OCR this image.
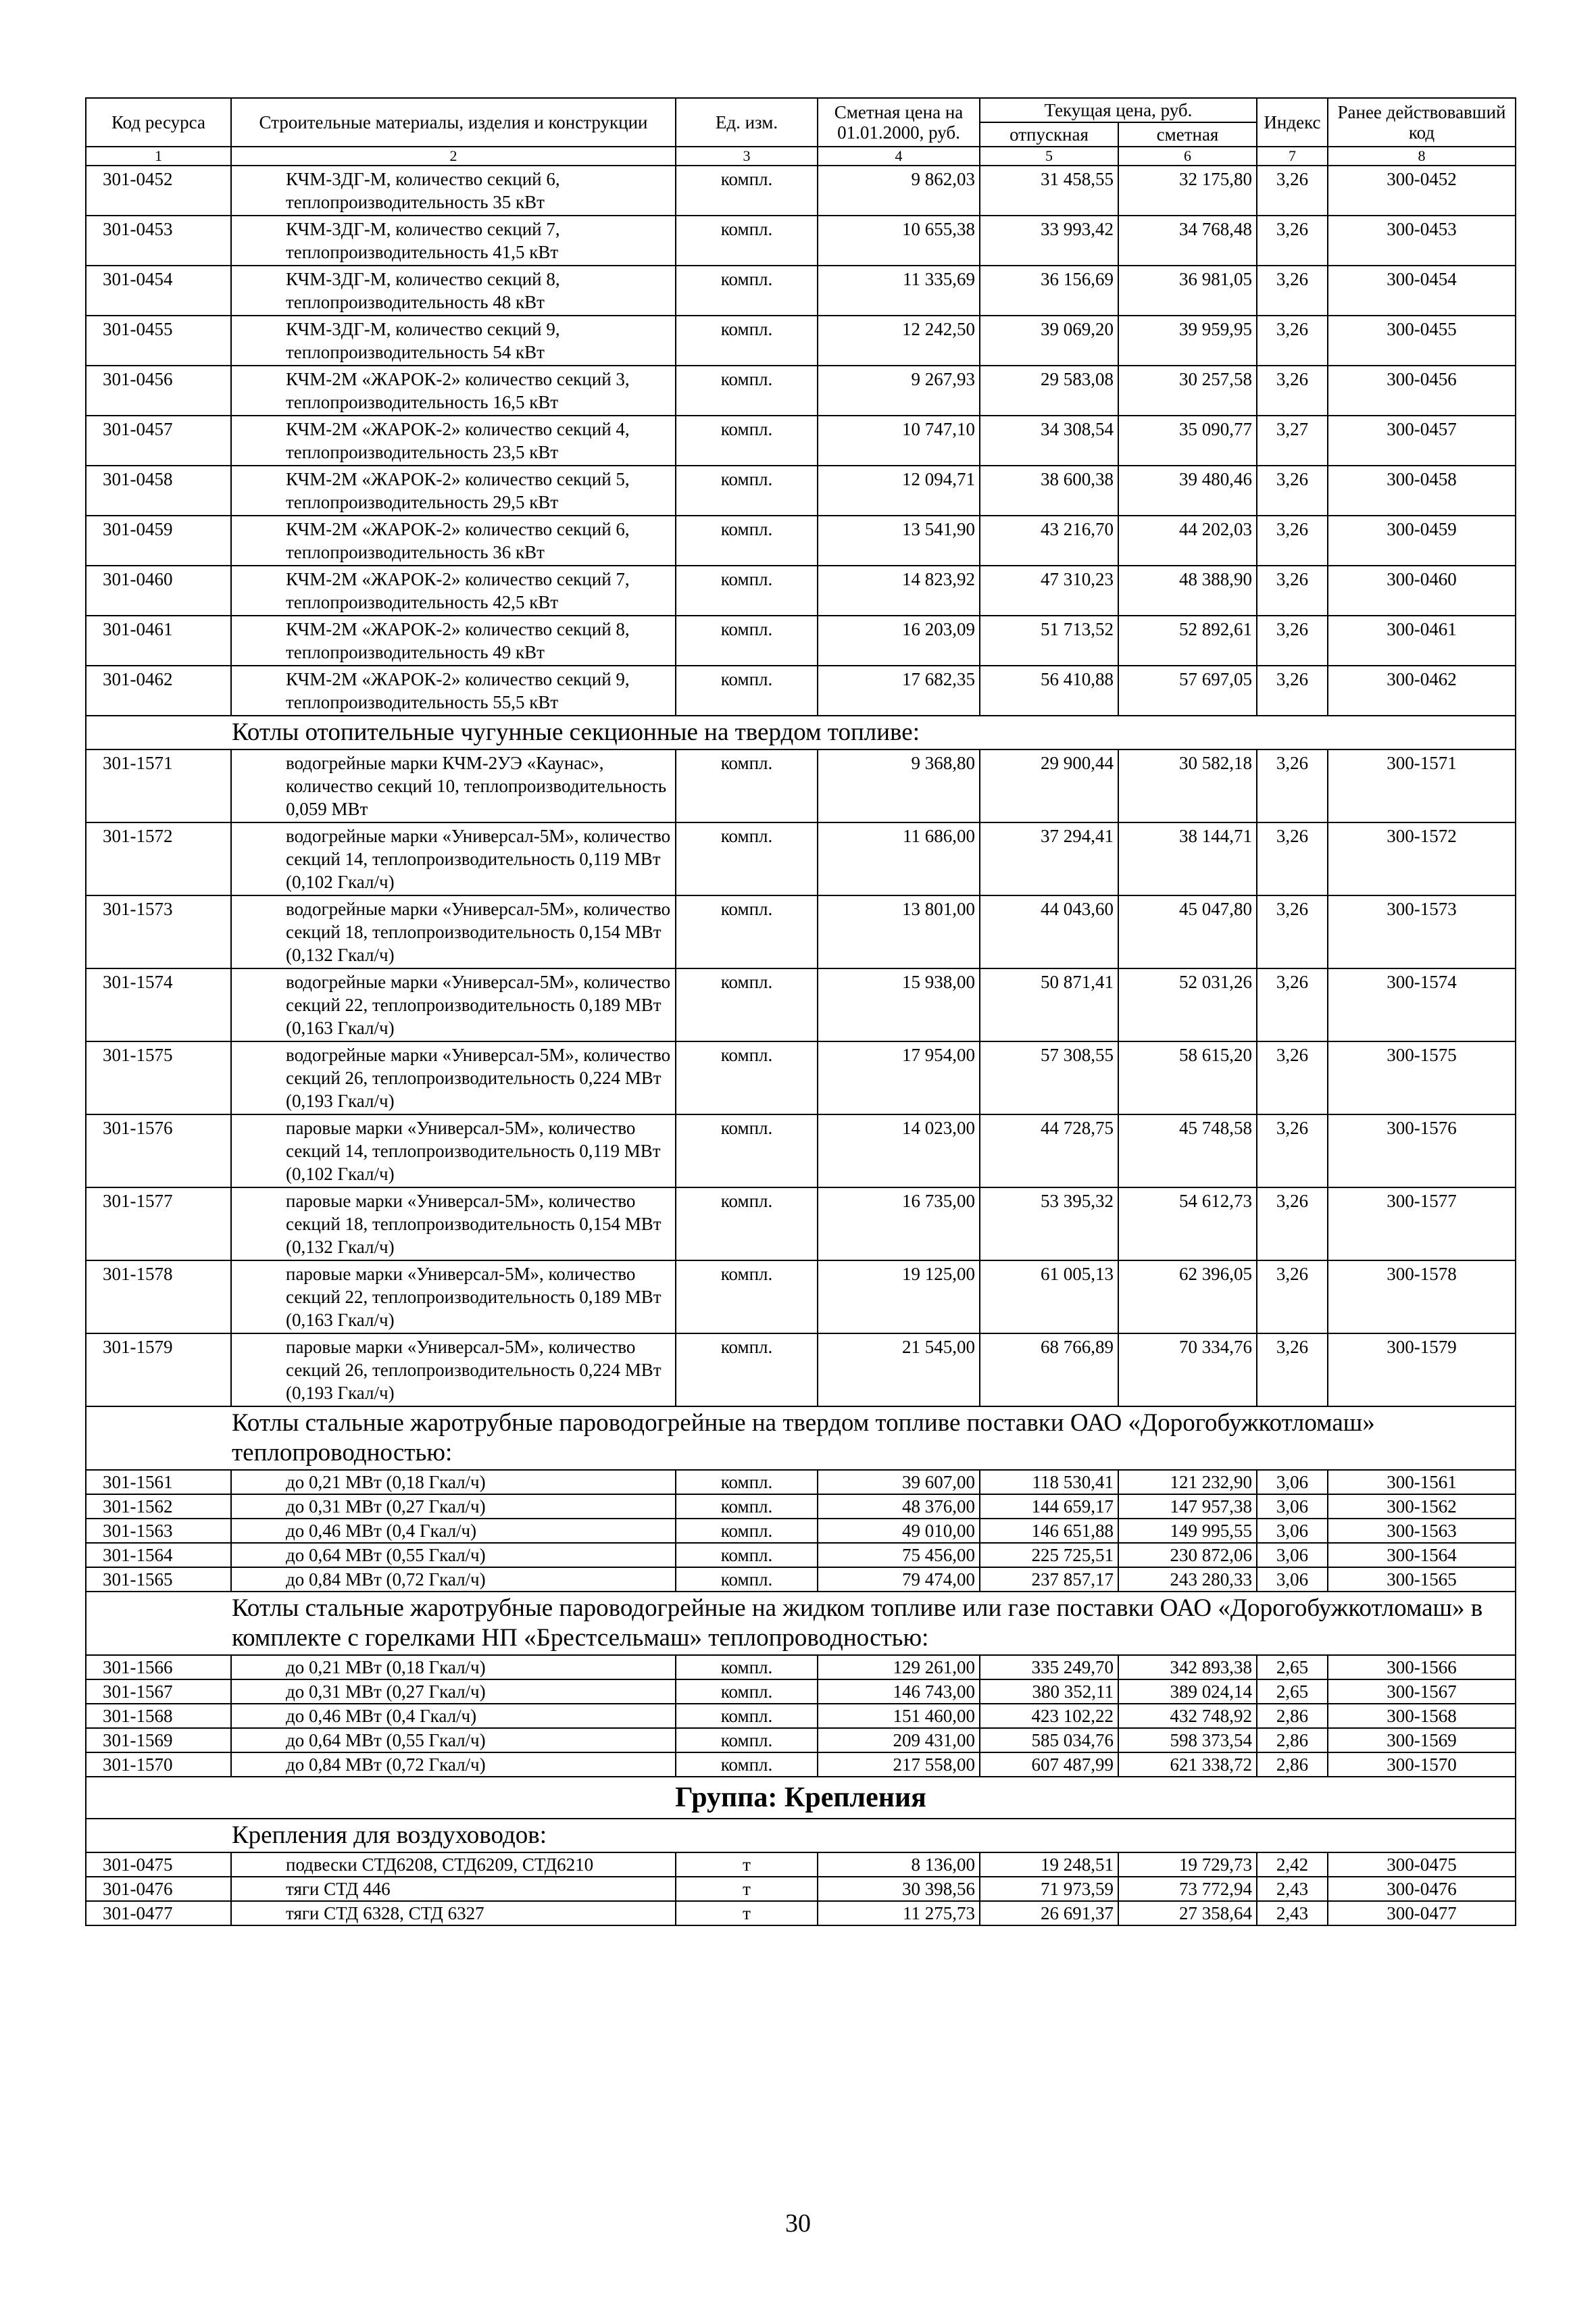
Код ресурса	Строительные материалы, изделия и конструкции	Ед. изм.	Сметная цена на 01.01.2000, руб.	Текущая цена, руб.		Индекс	Ранее действовавший код
				отпускная	сметная		
1	2	3	4	5	6	7	8
301-0452	КЧМ-3ДГ-М, количество секций 6, теплопроизводительность 35 кВт	компл.	9 862,03	31 458,55	32 175,80	3,26	300-0452
301-0453	КЧМ-3ДГ-М, количество секций 7, теплопроизводительность 41,5 кВт	компл.	10 655,38	33 993,42	34 768,48	3,26	300-0453
301-0454	КЧМ-3ДГ-М, количество секций 8, теплопроизводительность 48 кВт	компл.	11 335,69	36 156,69	36 981,05	3,26	300-0454
301-0455	КЧМ-3ДГ-М, количество секций 9, теплопроизводительность 54 кВт	компл.	12 242,50	39 069,20	39 959,95	3,26	300-0455
301-0456	КЧМ-2М «ЖАРОК-2» количество секций 3, теплопроизводительность 16,5 кВт	компл.	9 267,93	29 583,08	30 257,58	3,26	300-0456
301-0457	КЧМ-2М «ЖАРОК-2» количество секций 4, теплопроизводительность 23,5 кВт	компл.	10 747,10	34 308,54	35 090,77	3,27	300-0457
301-0458	КЧМ-2М «ЖАРОК-2» количество секций 5, теплопроизводительность 29,5 кВт	компл.	12 094,71	38 600,38	39 480,46	3,26	300-0458
301-0459	КЧМ-2М «ЖАРОК-2» количество секций 6, теплопроизводительность 36 кВт	компл.	13 541,90	43 216,70	44 202,03	3,26	300-0459
301-0460	КЧМ-2М «ЖАРОК-2» количество секций 7, теплопроизводительность 42,5 кВт	компл.	14 823,92	47 310,23	48 388,90	3,26	300-0460
301-0461	КЧМ-2М «ЖАРОК-2» количество секций 8, теплопроизводительность 49 кВт	компл.	16 203,09	51 713,52	52 892,61	3,26	300-0461
301-0462	КЧМ-2М «ЖАРОК-2» количество секций 9, теплопроизводительность 55,5 кВт	компл.	17 682,35	56 410,88	57 697,05	3,26	300-0462
Котлы отопительные чугунные секционные на твердом топливе:							
301-1571	водогрейные марки КЧМ-2УЭ «Каунас», количество секций 10, теплопроизводительность 0,059 МВт	компл.	9 368,80	29 900,44	30 582,18	3,26	300-1571
301-1572	водогрейные марки «Универсал-5М», количество секций 14, теплопроизводительность 0,119 МВт (0,102 Гкал/ч)	компл.	11 686,00	37 294,41	38 144,71	3,26	300-1572
301-1573	водогрейные марки «Универсал-5М», количество секций 18, теплопроизводительность 0,154 МВт (0,132 Гкал/ч)	компл.	13 801,00	44 043,60	45 047,80	3,26	300-1573
301-1574	водогрейные марки «Универсал-5М», количество секций 22, теплопроизводительность 0,189 МВт (0,163 Гкал/ч)	компл.	15 938,00	50 871,41	52 031,26	3,26	300-1574
301-1575	водогрейные марки «Универсал-5М», количество секций 26, теплопроизводительность 0,224 МВт (0,193 Гкал/ч)	компл.	17 954,00	57 308,55	58 615,20	3,26	300-1575
301-1576	паровые марки «Универсал-5М», количество секций 14, теплопроизводительность 0,119 МВт (0,102 Гкал/ч)	компл.	14 023,00	44 728,75	45 748,58	3,26	300-1576
301-1577	паровые марки «Универсал-5М», количество секций 18, теплопроизводительность 0,154 МВт (0,132 Гкал/ч)	компл.	16 735,00	53 395,32	54 612,73	3,26	300-1577
301-1578	паровые марки «Универсал-5М», количество секций 22, теплопроизводительность 0,189 МВт (0,163 Гкал/ч)	компл.	19 125,00	61 005,13	62 396,05	3,26	300-1578
301-1579	паровые марки «Универсал-5М», количество секций 26, теплопроизводительность 0,224 МВт (0,193 Гкал/ч)	компл.	21 545,00	68 766,89	70 334,76	3,26	300-1579
Котлы стальные жаротрубные пароводогрейные на твердом топливе поставки ОАО «Дорогобужкотломаш» теплопроводностью:							
301-1561	до 0,21 МВт (0,18 Гкал/ч)	компл.	39 607,00	118 530,41	121 232,90	3,06	300-1561
301-1562	до 0,31 МВт (0,27 Гкал/ч)	компл.	48 376,00	144 659,17	147 957,38	3,06	300-1562
301-1563	до 0,46 МВт (0,4 Гкал/ч)	компл.	49 010,00	146 651,88	149 995,55	3,06	300-1563
301-1564	до 0,64 МВт (0,55 Гкал/ч)	компл.	75 456,00	225 725,51	230 872,06	3,06	300-1564
301-1565	до 0,84 МВт (0,72 Гкал/ч)	компл.	79 474,00	237 857,17	243 280,33	3,06	300-1565
Котлы стальные жаротрубные пароводогрейные на жидком топливе или газе поставки ОАО «Дорогобужкотломаш» в комплекте с горелками НП «Брестсельмаш» теплопроводностью:							
301-1566	до 0,21 МВт (0,18 Гкал/ч)	компл.	129 261,00	335 249,70	342 893,38	2,65	300-1566
301-1567	до 0,31 МВт (0,27 Гкал/ч)	компл.	146 743,00	380 352,11	389 024,14	2,65	300-1567
301-1568	до 0,46 МВт (0,4 Гкал/ч)	компл.	151 460,00	423 102,22	432 748,92	2,86	300-1568
301-1569	до 0,64 МВт (0,55 Гкал/ч)	компл.	209 431,00	585 034,76	598 373,54	2,86	300-1569
301-1570	до 0,84 МВт (0,72 Гкал/ч)	компл.	217 558,00	607 487,99	621 338,72	2,86	300-1570
Группа: Крепления							
Крепления для воздуховодов:							
301-0475	подвески СТД6208, СТД6209, СТД6210	т	8 136,00	19 248,51	19 729,73	2,42	300-0475
301-0476	тяги СТД 446	т	30 398,56	71 973,59	73 772,94	2,43	300-0476
301-0477	тяги СТД 6328, СТД 6327	т	11 275,73	26 691,37	27 358,64	2,43	300-0477
30
